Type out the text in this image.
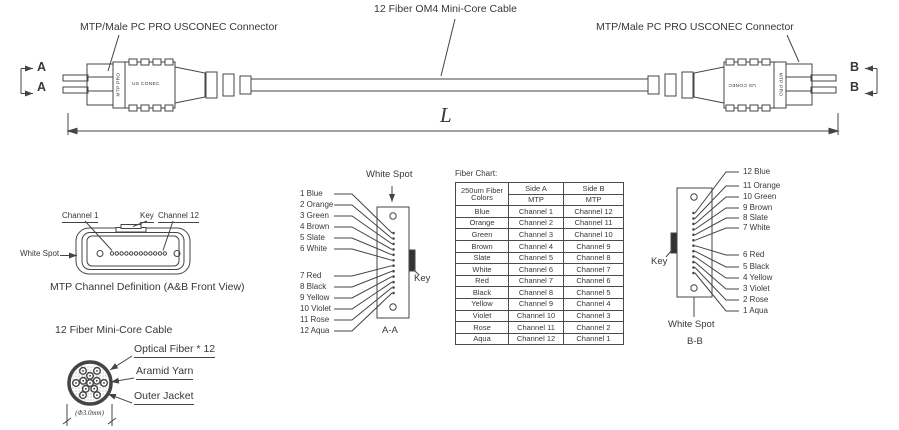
12 Fiber OM4 Mini-Core Cable
MTP/Male PC PRO USCONEC Connector	MTP/Male PC PRO USCONEC Connector
A
A
B
B
L
MTP PRO US CONEC	MTP PRO
US CONEC
Channel 1	Key Channel 12
White Spot
MTP Channel Definition (A&B Front View)
White Spot
Key
A-A
1 Blue
2 Orange
3 Green
4 Brown
5 Slate
6 White
7 Red
8 Black
9 Yellow
10 Violet
11 Rose
12 Aqua
Fiber Chart:
250um Fiber
Colors	Side A	Side B
	MTP	MTP
Blue	Channel 1	Channel 12
Orange	Channel 2	Channel 11
Green	Channel 3	Channel 10
Brown	Channel 4	Channel 9
Slate	Channel 5	Channel 8
White	Channel 6	Channel 7
Red	Channel 7	Channel 6
Black	Channel 8	Channel 5
Yellow	Channel 9	Channel 4
Violet	Channel 10	Channel 3
Rose	Channel 11	Channel 2
Aqua	Channel 12	Channel 1
Key
White Spot
B-B
12 Blue
11 Orange
10 Green
9 Brown
8 Slate
7 White
6 Red
5 Black
4 Yellow
3 Violet
2 Rose
1 Aqua
12 Fiber Mini-Core Cable
Optical Fiber * 12
Aramid Yarn
Outer Jacket
(Φ3.0mm)
